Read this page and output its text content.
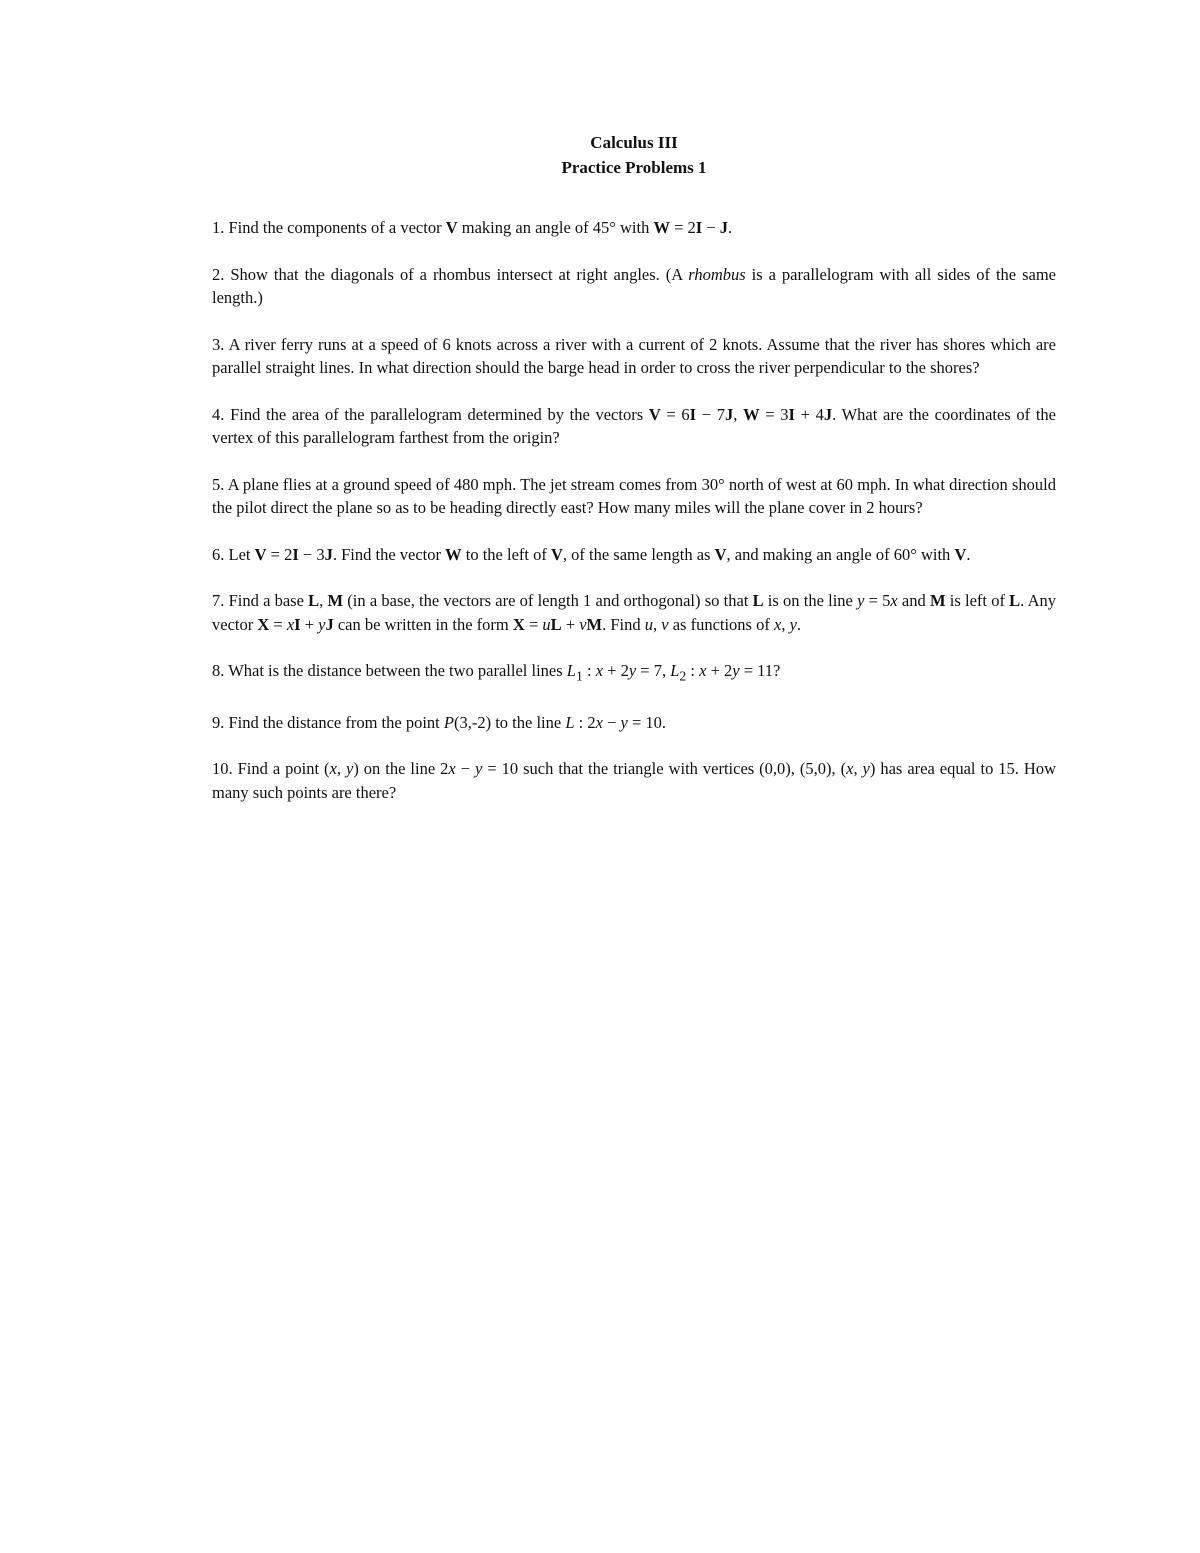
Calculus III
Practice Problems 1

1. Find the components of a vector V making an angle of 45° with W = 2I − J.

2. Show that the diagonals of a rhombus intersect at right angles. (A rhombus is a parallelogram with all sides of the same length.)

3. A river ferry runs at a speed of 6 knots across a river with a current of 2 knots. Assume that the river has shores which are parallel straight lines. In what direction should the barge head in order to cross the river perpendicular to the shores?

4. Find the area of the parallelogram determined by the vectors V = 6I − 7J, W = 3I + 4J. What are the coordinates of the vertex of this parallelogram farthest from the origin?

5. A plane flies at a ground speed of 480 mph. The jet stream comes from 30° north of west at 60 mph. In what direction should the pilot direct the plane so as to be heading directly east? How many miles will the plane cover in 2 hours?

6. Let V = 2I − 3J. Find the vector W to the left of V, of the same length as V, and making an angle of 60° with V.

7. Find a base L, M (in a base, the vectors are of length 1 and orthogonal) so that L is on the line y = 5x and M is left of L. Any vector X = xI + yJ can be written in the form X = uL + vM. Find u, v as functions of x, y.

8. What is the distance between the two parallel lines $L_1$ : x + 2y = 7, $L_2$ : x + 2y = 11?

9. Find the distance from the point P(3,-2) to the line L : 2x − y = 10.

10. Find a point (x, y) on the line 2x − y = 10 such that the triangle with vertices (0,0), (5,0), (x, y) has area equal to 15. How many such points are there?
